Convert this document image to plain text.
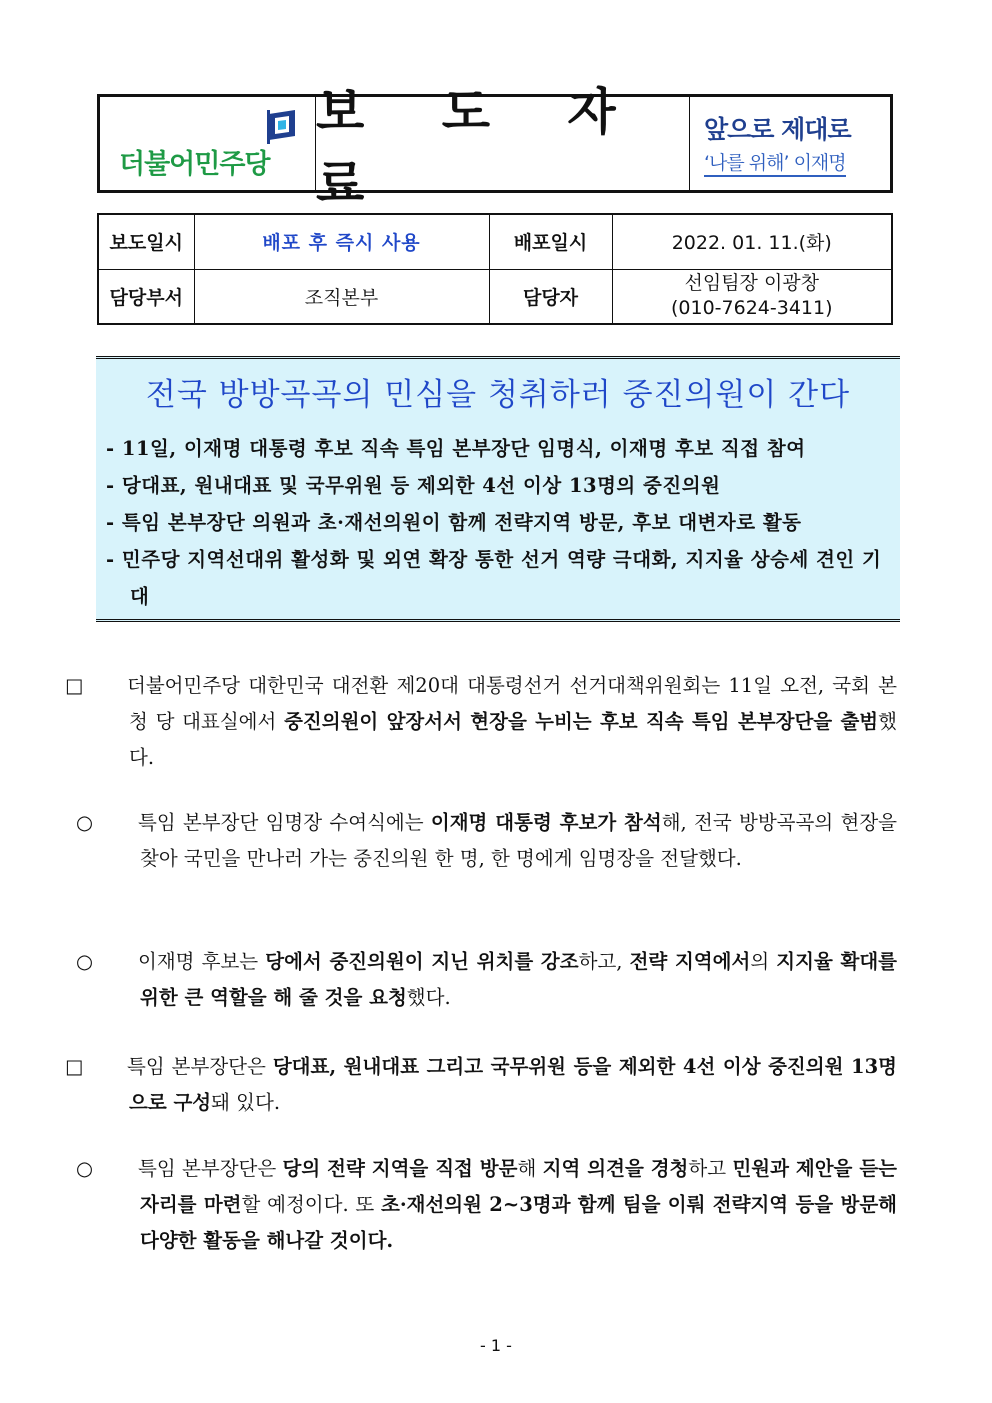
더불어민주당
보 도 자 료
앞으로 제대로
‘나를 위해’ 이재명
보도일시	배포 후 즉시 사용	배포일시	2022. 01. 11.(화)
담당부서	조직본부	담당자	선임팀장 이광창
(010-7624-3411)
전국 방방곡곡의 민심을 청취하러 중진의원이 간다
- 11일, 이재명 대통령 후보 직속 특임 본부장단 임명식, 이재명 후보 직접 참여
- 당대표, 원내대표 및 국무위원 등 제외한 4선 이상 13명의 중진의원
- 특임 본부장단 의원과 초·재선의원이 함께 전략지역 방문, 후보 대변자로 활동
- 민주당 지역선대위 활성화 및 외연 확장 통한 선거 역량 극대화, 지지율 상승세 견인 기대
□ 더불어민주당 대한민국 대전환 제20대 대통령선거 선거대책위원회는 11일 오전, 국회 본청 당 대표실에서 중진의원이 앞장서서 현장을 누비는 후보 직속 특임 본부장단을 출범했다.
○ 특임 본부장단 임명장 수여식에는 이재명 대통령 후보가 참석해, 전국 방방곡곡의 현장을 찾아 국민을 만나러 가는 중진의원 한 명, 한 명에게 임명장을 전달했다.
○ 이재명 후보는 당에서 중진의원이 지닌 위치를 강조하고, 전략 지역에서의 지지율 확대를 위한 큰 역할을 해 줄 것을 요청했다.
□ 특임 본부장단은 당대표, 원내대표 그리고 국무위원 등을 제외한 4선 이상 중진의원 13명으로 구성돼 있다.
○ 특임 본부장단은 당의 전략 지역을 직접 방문해 지역 의견을 경청하고 민원과 제안을 듣는 자리를 마련할 예정이다. 또 초·재선의원 2~3명과 함께 팀을 이뤄 전략지역 등을 방문해 다양한 활동을 해나갈 것이다.
- 1 -
